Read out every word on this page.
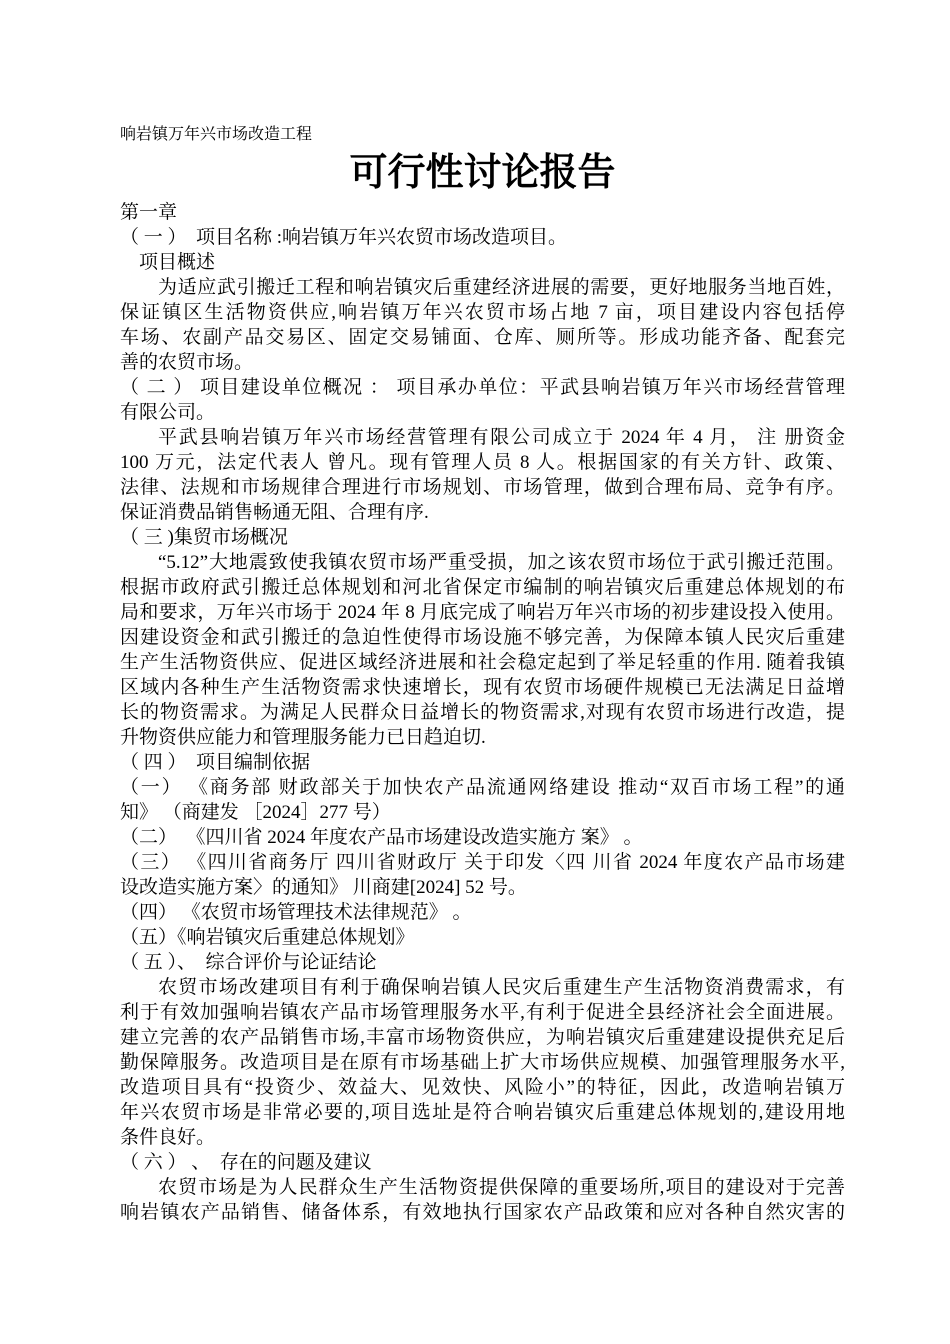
响岩镇万年兴市场改造工程
可行性讨论报告
第一章
（ 一 ）  项目名称 :响岩镇万年兴农贸市场改造项目。
项目概述
为适应武引搬迁工程和响岩镇灾后重建经济进展的需要，更好地服务当地百姓，
保证镇区生活物资供应,响岩镇万年兴农贸市场占地 7 亩，项目建设内容包括停
车场、农副产品交易区、固定交易铺面、仓库、厕所等。形成功能齐备、配套完
善的农贸市场。
（ 二 ） 项目建设单位概况 ： 项目承办单位：平武县响岩镇万年兴市场经营管理
有限公司。
平武县响岩镇万年兴市场经营管理有限公司成立于 2024 年 4 月， 注 册资金
100 万元，法定代表人 曾凡。现有管理人员 8 人。根据国家的有关方针、政策、
法律、法规和市场规律合理进行市场规划、市场管理，做到合理布局、竞争有序。
保证消费品销售畅通无阻、合理有序.
（ 三 )集贸市场概况
“5.12”大地震致使我镇农贸市场严重受损，加之该农贸市场位于武引搬迁范围。
根据市政府武引搬迁总体规划和河北省保定市编制的响岩镇灾后重建总体规划的布
局和要求，万年兴市场于 2024 年 8 月底完成了响岩万年兴市场的初步建设投入使用。
因建设资金和武引搬迁的急迫性使得市场设施不够完善，为保障本镇人民灾后重建
生产生活物资供应、促进区域经济进展和社会稳定起到了举足轻重的作用. 随着我镇
区域内各种生产生活物资需求快速增长，现有农贸市场硬件规模已无法满足日益增
长的物资需求。为满足人民群众日益增长的物资需求,对现有农贸市场进行改造，提
升物资供应能力和管理服务能力已日趋迫切.
（ 四 ）  项目编制依据
（一） 《商务部 财政部关于加快农产品流通网络建设 推动“双百市场工程”的通
知》 （商建发 ［2024］277 号）
（二）  《四川省 2024 年度农产品市场建设改造实施方 案》 。
（三） 《四川省商务厅 四川省财政厅 关于印发〈四 川省 2024 年度农产品市场建
设改造实施方案〉的通知》 川商建[2024] 52 号。
（四） 《农贸市场管理技术法律规范》 。
（五）《响岩镇灾后重建总体规划》
（ 五 ）、  综合评价与论证结论
农贸市场改建项目有利于确保响岩镇人民灾后重建生产生活物资消费需求，有
利于有效加强响岩镇农产品市场管理服务水平,有利于促进全县经济社会全面进展。
建立完善的农产品销售市场,丰富市场物资供应，为响岩镇灾后重建建设提供充足后
勤保障服务。改造项目是在原有市场基础上扩大市场供应规模、加强管理服务水平,
改造项目具有“投资少、效益大、见效快、风险小”的特征，因此，改造响岩镇万
年兴农贸市场是非常必要的,项目选址是符合响岩镇灾后重建总体规划的,建设用地
条件良好。
（ 六 ） 、  存在的问题及建议
农贸市场是为人民群众生产生活物资提供保障的重要场所,项目的建设对于完善
响岩镇农产品销售、储备体系，有效地执行国家农产品政策和应对各种自然灾害的
